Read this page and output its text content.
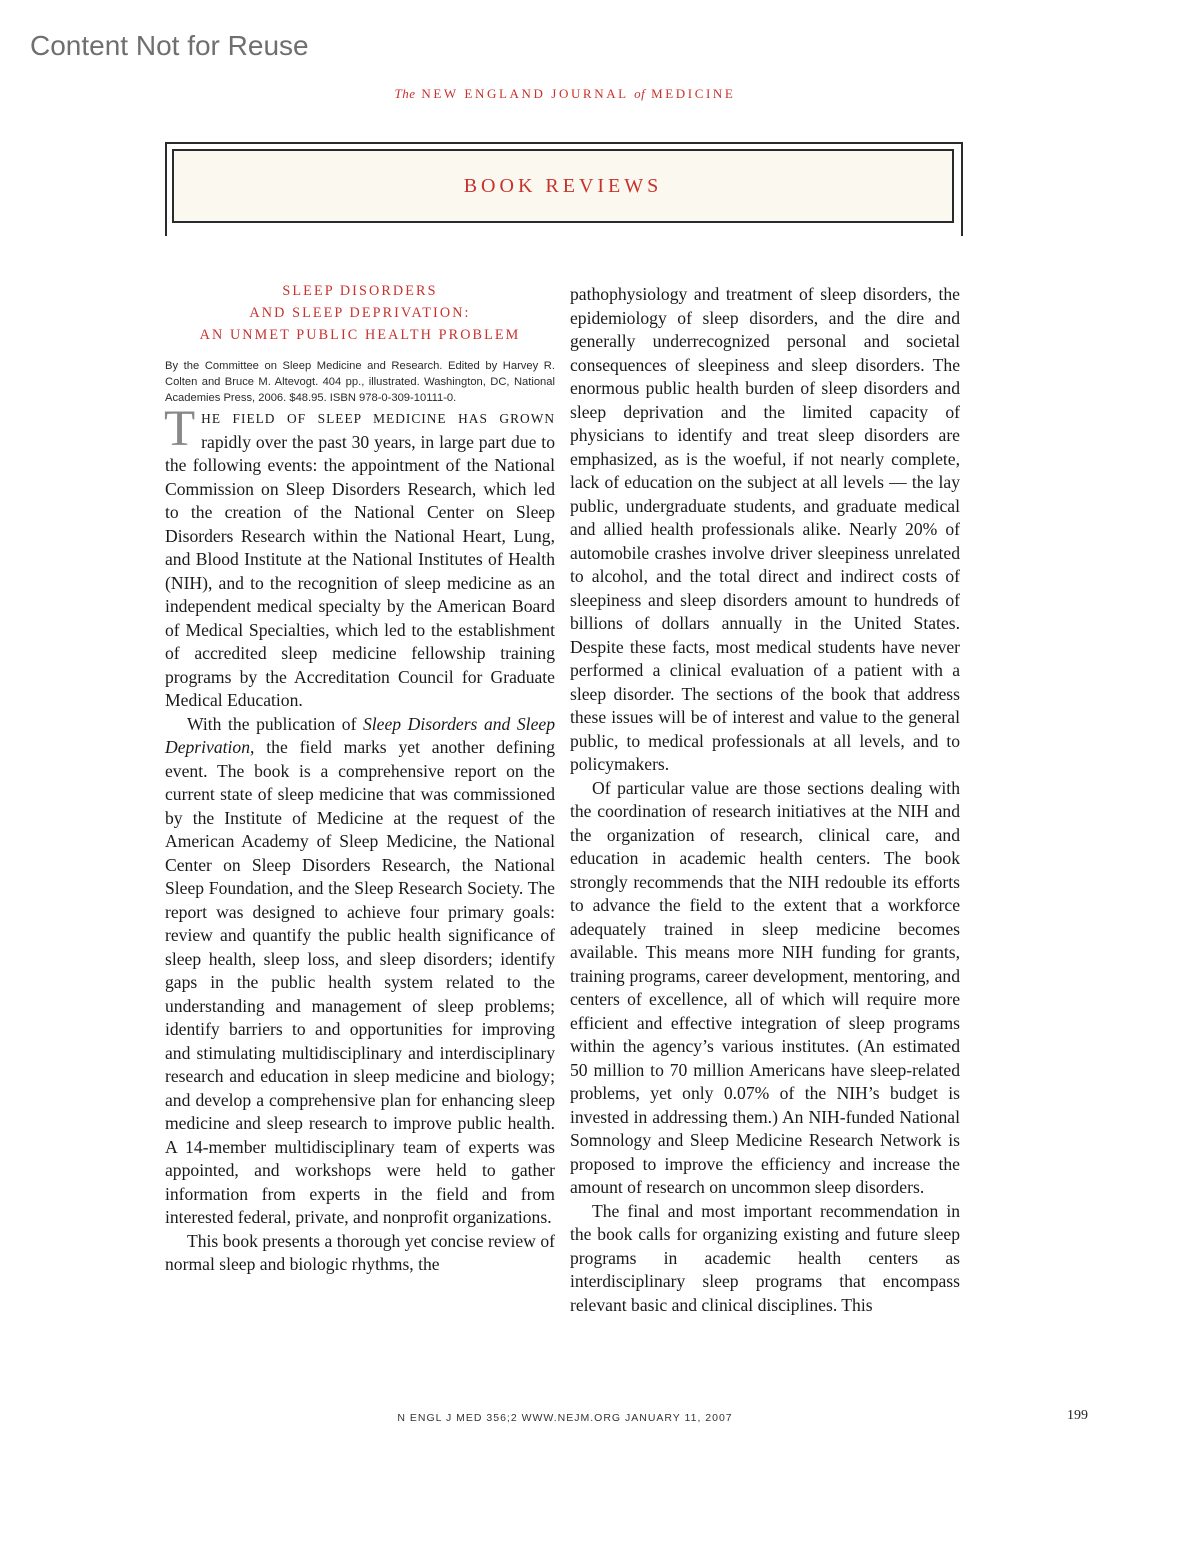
Content Not for Reuse
The NEW ENGLAND JOURNAL of MEDICINE
BOOK REVIEWS
SLEEP DISORDERS
AND SLEEP DEPRIVATION:
AN UNMET PUBLIC HEALTH PROBLEM

By the Committee on Sleep Medicine and Research. Edited by Harvey R. Colten and Bruce M. Altevogt. 404 pp., illustrated. Washington, DC, National Academies Press, 2006. $48.95. ISBN 978-0-309-10111-0.

THE FIELD OF SLEEP MEDICINE HAS GROWN rapidly over the past 30 years, in large part due to the following events: the appointment of the National Commission on Sleep Disorders Research, which led to the creation of the National Center on Sleep Disorders Research within the National Heart, Lung, and Blood Institute at the National Institutes of Health (NIH), and to the recognition of sleep medicine as an independent medical specialty by the American Board of Medical Specialties, which led to the establishment of accredited sleep medicine fellowship training programs by the Accreditation Council for Graduate Medical Education.

With the publication of Sleep Disorders and Sleep Deprivation, the field marks yet another defining event. The book is a comprehensive report on the current state of sleep medicine that was commissioned by the Institute of Medicine at the request of the American Academy of Sleep Medicine, the National Center on Sleep Disorders Research, the National Sleep Foundation, and the Sleep Research Society. The report was designed to achieve four primary goals: review and quantify the public health significance of sleep health, sleep loss, and sleep disorders; identify gaps in the public health system related to the understanding and management of sleep problems; identify barriers to and opportunities for improving and stimulating multidisciplinary and interdisciplinary research and education in sleep medicine and biology; and develop a comprehensive plan for enhancing sleep medicine and sleep research to improve public health. A 14-member multidisciplinary team of experts was appointed, and workshops were held to gather information from experts in the field and from interested federal, private, and nonprofit organizations.

This book presents a thorough yet concise review of normal sleep and biologic rhythms, the

pathophysiology and treatment of sleep disorders, the epidemiology of sleep disorders, and the dire and generally underrecognized personal and societal consequences of sleepiness and sleep disorders. The enormous public health burden of sleep disorders and sleep deprivation and the limited capacity of physicians to identify and treat sleep disorders are emphasized, as is the woeful, if not nearly complete, lack of education on the subject at all levels — the lay public, undergraduate students, and graduate medical and allied health professionals alike. Nearly 20% of automobile crashes involve driver sleepiness unrelated to alcohol, and the total direct and indirect costs of sleepiness and sleep disorders amount to hundreds of billions of dollars annually in the United States. Despite these facts, most medical students have never performed a clinical evaluation of a patient with a sleep disorder. The sections of the book that address these issues will be of interest and value to the general public, to medical professionals at all levels, and to policymakers.

Of particular value are those sections dealing with the coordination of research initiatives at the NIH and the organization of research, clinical care, and education in academic health centers. The book strongly recommends that the NIH redouble its efforts to advance the field to the extent that a workforce adequately trained in sleep medicine becomes available. This means more NIH funding for grants, training programs, career development, mentoring, and centers of excellence, all of which will require more efficient and effective integration of sleep programs within the agency’s various institutes. (An estimated 50 million to 70 million Americans have sleep-related problems, yet only 0.07% of the NIH’s budget is invested in addressing them.) An NIH-funded National Somnology and Sleep Medicine Research Network is proposed to improve the efficiency and increase the amount of research on uncommon sleep disorders.

The final and most important recommendation in the book calls for organizing existing and future sleep programs in academic health centers as interdisciplinary sleep programs that encompass relevant basic and clinical disciplines. This

N ENGL J MED 356;2 WWW.NEJM.ORG JANUARY 11, 2007	199
